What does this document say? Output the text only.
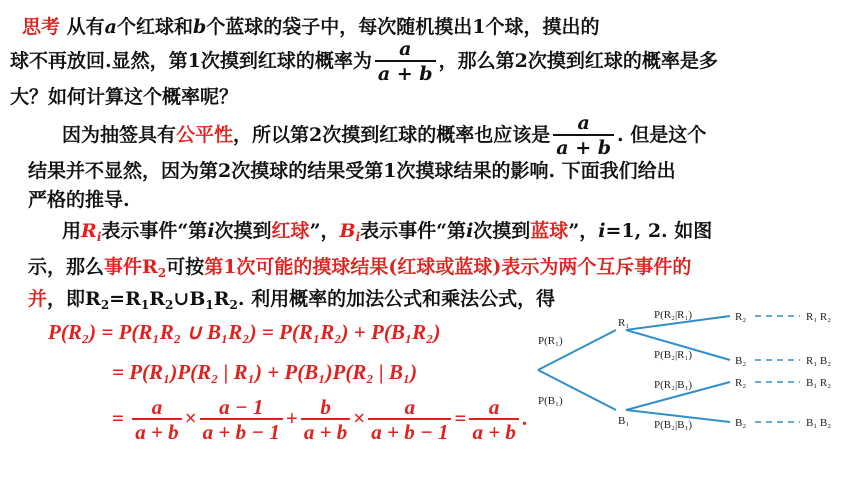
思考 从有a个红球和b个蓝球的袋子中，每次随机摸出1个球，摸出的
球不再放回.显然，第1次摸到红球的概率为 $\frac{a}{a + b}$ ，那么第2次摸到红球的概率是多
大？如何计算这个概率呢？
因为抽签具有公平性，所以第2次摸到红球的概率也应该是 $\frac{a}{a + b}$ . 但是这个
结果并不显然，因为第2次摸球的结果受第1次摸球结果的影响. 下面我们给出
严格的推导.
用$R_i$表示事件“第i次摸到红球”，$B_i$表示事件“第i次摸到蓝球”，i=1, 2. 如图
示，那么事件$R_2$可按第1次可能的摸球结果(红球或蓝球)表示为两个互斥事件的
并，即$R_2=R_1R_2\cup B_1R_2$. 利用概率的加法公式和乘法公式，得
P(R₂) = P(R₁R₂ ∪ B₁R₂) = P(R₁R₂) + P(B₁R₂)
= P(R₁)P(R₂ | R₁) + P(B₁)P(R₂ | B₁)
= $\frac{a}{a + b} \times \frac{a - 1}{a + b - 1} + \frac{b}{a + b} \times \frac{a}{a + b - 1} = \frac{a}{a + b}$ .
P(R₁)
P(B₁)
R₁
B₁
P(R₂|R₁)
P(B₂|R₁)
P(R₂|B₁)
P(B₂|B₁)
R₂
B₂
R₂
B₂
R₁ R₂
R₁ B₂
B₁ R₂
B₁ B₂
